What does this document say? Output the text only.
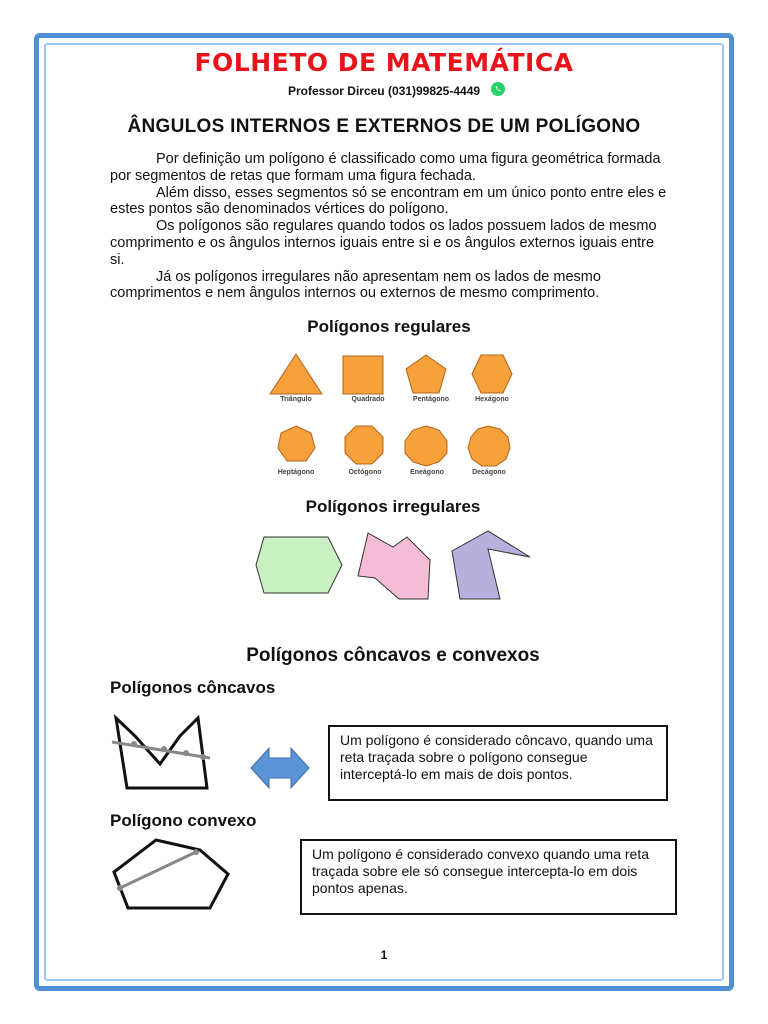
FOLHETO DE MATEMÁTICA
Professor Dirceu (031)99825-4449
ÂNGULOS INTERNOS E EXTERNOS DE UM POLÍGONO

Por definição um polígono é classificado como uma figura geométrica formada por segmentos de retas que formam uma figura fechada.

Além disso, esses segmentos só se encontram em um único ponto entre eles e estes pontos são denominados vértices do polígono.

Os polígonos são regulares quando todos os lados possuem lados de mesmo comprimento e os ângulos internos iguais entre si e os ângulos externos iguais entre si.

Já os polígonos irregulares não apresentam nem os lados de mesmo comprimentos e nem ângulos internos ou externos de mesmo comprimento.

Polígonos regulares
Triângulo	Quadrado	Pentágono	Hexágono
Heptágono	Octógono	Eneágono	Decágono
Polígonos irregulares
Polígonos côncavos e convexos
Polígonos côncavos
Um polígono é considerado côncavo, quando uma reta traçada sobre o polígono consegue interceptá-lo em mais de dois pontos.
Polígono convexo
Um polígono é considerado convexo quando uma reta traçada sobre ele só consegue intercepta-lo em dois pontos apenas.
1
